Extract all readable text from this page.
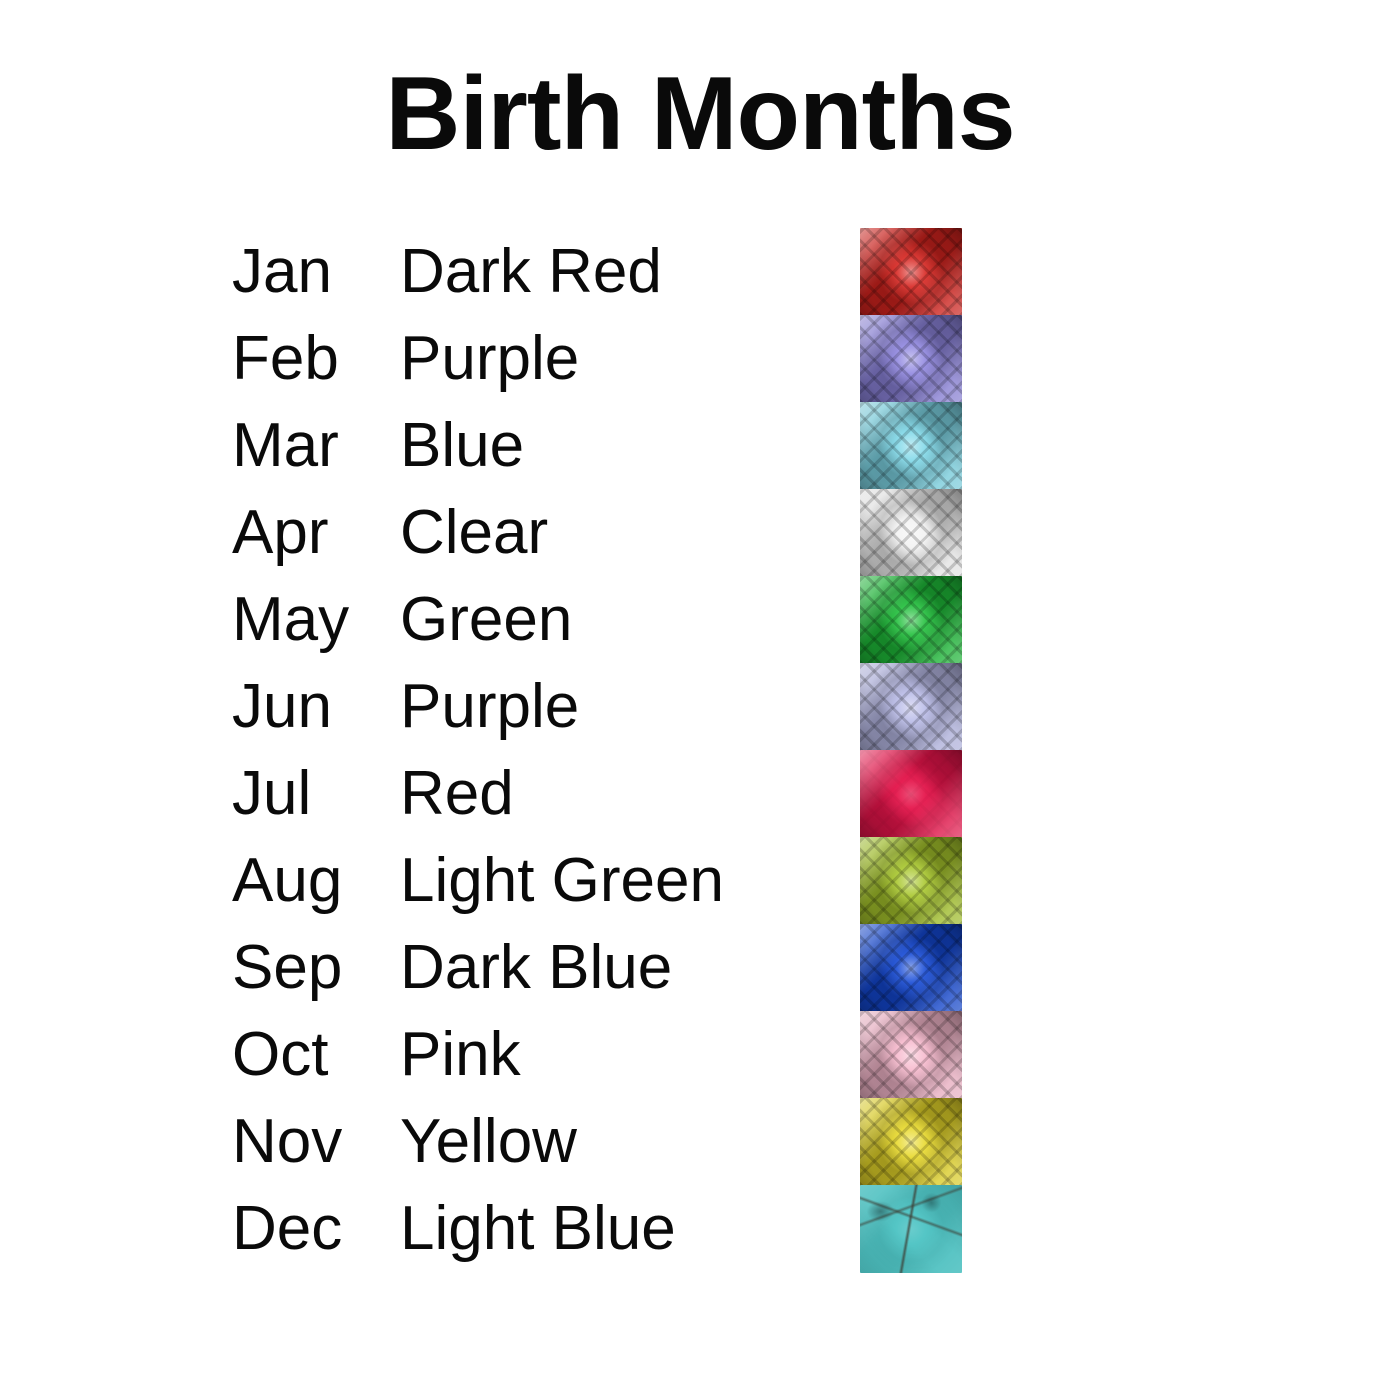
Birth Months
Jan	Dark Red
Feb Purple
Mar Blue
Apr	Clear
May Green
Jun	Purple
Jul	Red
Aug Light Green
Sep Dark Blue
Oct	Pink
Nov Yellow
Dec Light Blue
